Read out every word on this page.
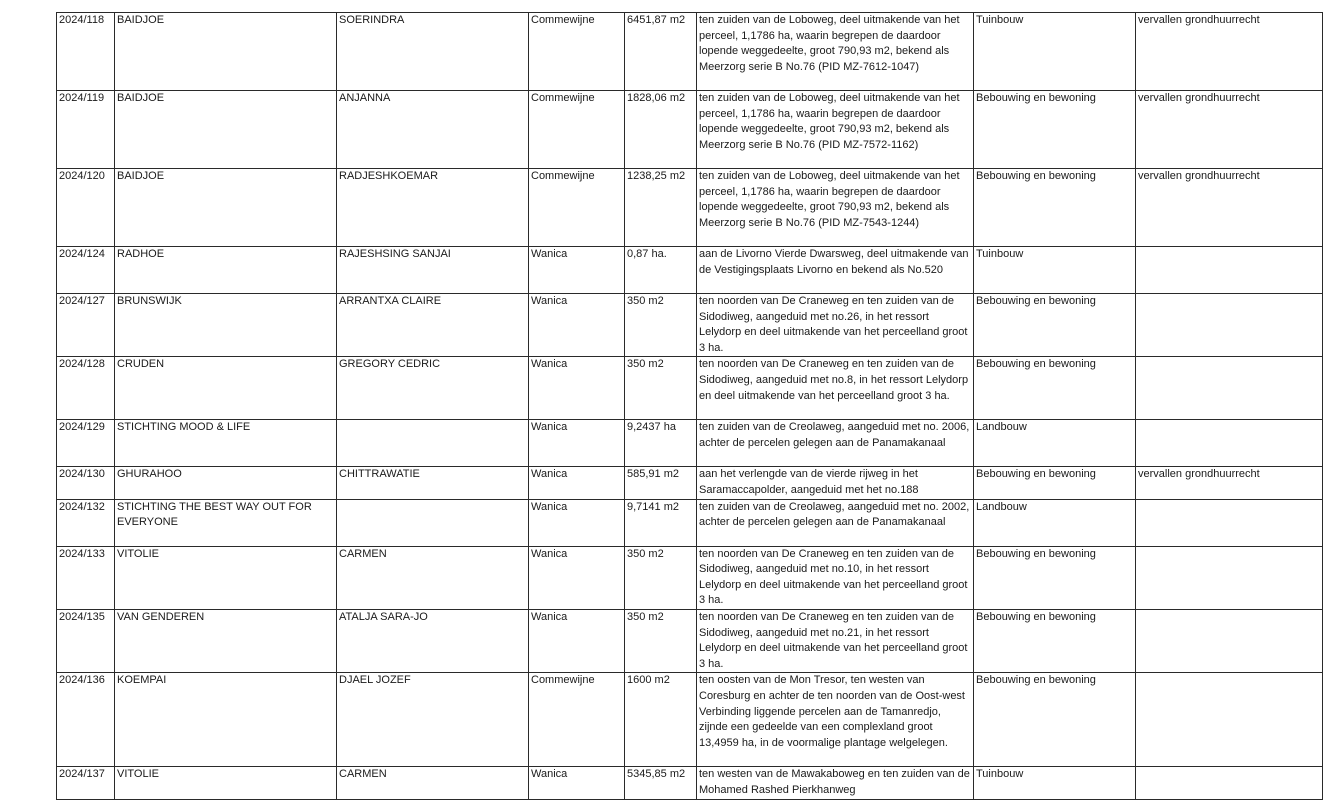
2024/118	BAIDJOE	SOERINDRA	Commewijne	6451,87 m2	ten zuiden van de Loboweg, deel uitmakende van het perceel, 1,1786 ha, waarin begrepen de daardoor lopende weggedeelte, groot 790,93 m2, bekend als Meerzorg serie B No.76 (PID MZ-7612-1047)	Tuinbouw	vervallen grondhuurrecht
2024/119	BAIDJOE	ANJANNA	Commewijne	1828,06 m2	ten zuiden van de Loboweg, deel uitmakende van het perceel, 1,1786 ha, waarin begrepen de daardoor lopende weggedeelte, groot 790,93 m2, bekend als Meerzorg serie B No.76 (PID MZ-7572-1162)	Bebouwing en bewoning	vervallen grondhuurrecht
2024/120	BAIDJOE	RADJESHKOEMAR	Commewijne	1238,25 m2	ten zuiden van de Loboweg, deel uitmakende van het perceel, 1,1786 ha, waarin begrepen de daardoor lopende weggedeelte, groot 790,93 m2, bekend als Meerzorg serie B No.76 (PID MZ-7543-1244)	Bebouwing en bewoning	vervallen grondhuurrecht
2024/124	RADHOE	RAJESHSING SANJAI	Wanica	0,87 ha.	aan de Livorno Vierde Dwarsweg, deel uitmakende van de Vestigingsplaats Livorno en bekend als No.520	Tuinbouw	
2024/127	BRUNSWIJK	ARRANTXA CLAIRE	Wanica	350 m2	ten noorden van De Craneweg en ten zuiden van de Sidodiweg, aangeduid met no.26, in het ressort Lelydorp en deel uitmakende van het perceelland groot 3 ha.	Bebouwing en bewoning	
2024/128	CRUDEN	GREGORY CEDRIC	Wanica	350 m2	ten noorden van De Craneweg en ten zuiden van de Sidodiweg, aangeduid met no.8, in het ressort Lelydorp en deel uitmakende van het perceelland groot 3 ha.	Bebouwing en bewoning	
2024/129	STICHTING MOOD & LIFE		Wanica	9,2437 ha	ten zuiden van de Creolaweg, aangeduid met no. 2006, achter de percelen gelegen aan de Panamakanaal	Landbouw	
2024/130	GHURAHOO	CHITTRAWATIE	Wanica	585,91 m2	aan het verlengde van de vierde rijweg in het Saramaccapolder, aangeduid met het no.188	Bebouwing en bewoning	vervallen grondhuurrecht
2024/132	STICHTING THE BEST WAY OUT FOR EVERYONE		Wanica	9,7141 m2	ten zuiden van de Creolaweg, aangeduid met no. 2002, achter de percelen gelegen aan de Panamakanaal	Landbouw	
2024/133	VITOLIE	CARMEN	Wanica	350 m2	ten noorden van De Craneweg en ten zuiden van de Sidodiweg, aangeduid met no.10, in het ressort Lelydorp en deel uitmakende van het perceelland groot 3 ha.	Bebouwing en bewoning	
2024/135	VAN GENDEREN	ATALJA SARA-JO	Wanica	350 m2	ten noorden van De Craneweg en ten zuiden van de Sidodiweg, aangeduid met no.21, in het ressort Lelydorp en deel uitmakende van het perceelland groot 3 ha.	Bebouwing en bewoning	
2024/136	KOEMPAI	DJAEL JOZEF	Commewijne	1600 m2	ten oosten van de Mon Tresor, ten westen van Coresburg en achter de ten noorden van de Oost-west Verbinding liggende percelen aan de Tamanredjo, zijnde een gedeelde van een complexland groot 13,4959 ha, in de voormalige plantage welgelegen.	Bebouwing en bewoning	
2024/137	VITOLIE	CARMEN	Wanica	5345,85 m2	ten westen van de Mawakaboweg en ten zuiden van de Mohamed Rashed Pierkhanweg	Tuinbouw	
